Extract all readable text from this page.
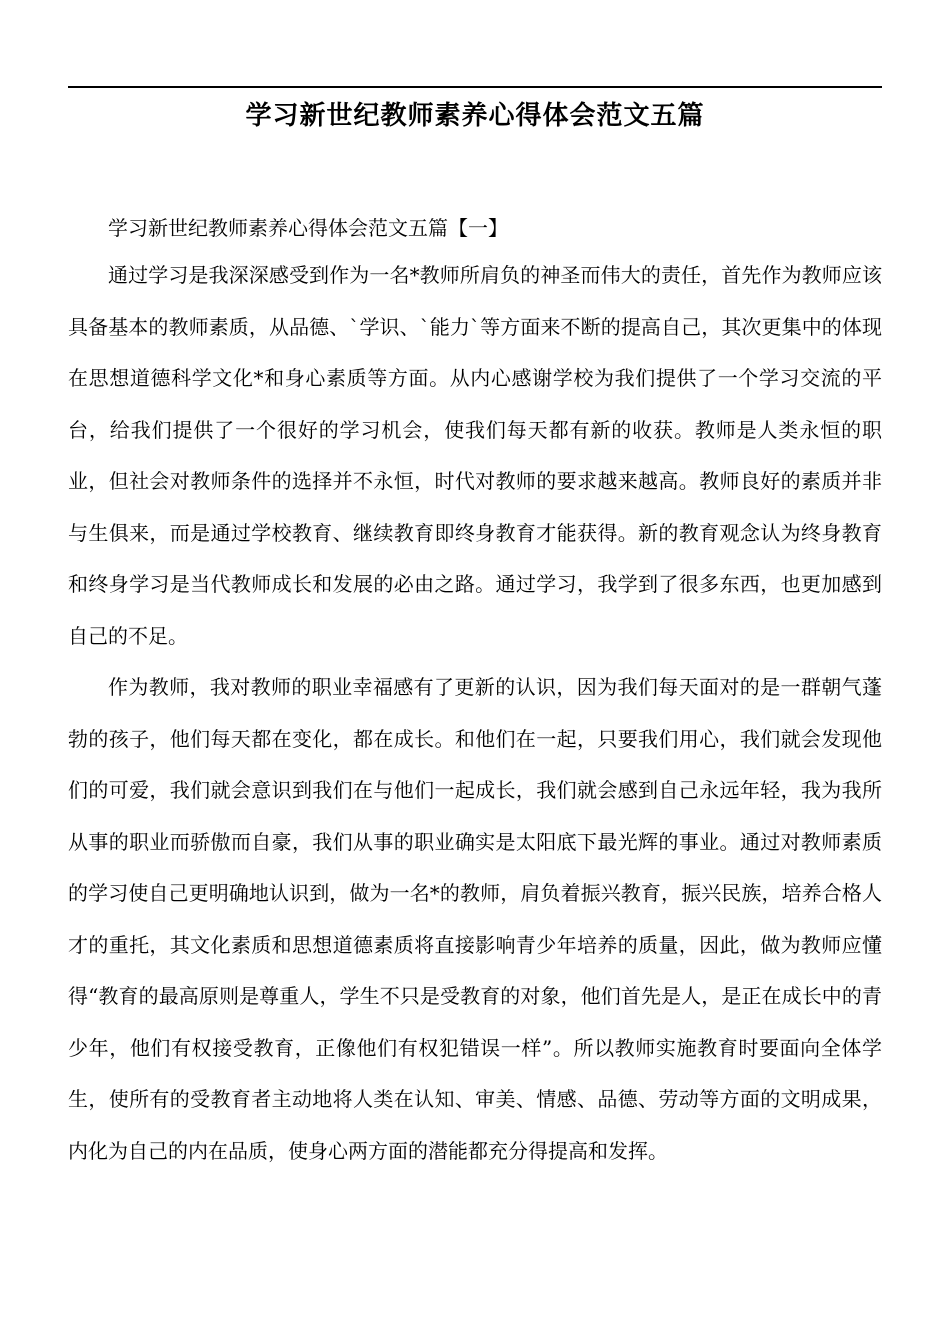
学习新世纪教师素养心得体会范文五篇
学习新世纪教师素养心得体会范文五篇【一】

通过学习是我深深感受到作为一名*教师所肩负的神圣而伟大的责任，首先作为教师应该具备基本的教师素质，从品德、`学识、`能力`等方面来不断的提高自己，其次更集中的体现在思想道德科学文化*和身心素质等方面。从内心感谢学校为我们提供了一个学习交流的平台，给我们提供了一个很好的学习机会，使我们每天都有新的收获。教师是人类永恒的职业，但社会对教师条件的选择并不永恒，时代对教师的要求越来越高。教师良好的素质并非与生俱来，而是通过学校教育、继续教育即终身教育才能获得。新的教育观念认为终身教育和终身学习是当代教师成长和发展的必由之路。通过学习，我学到了很多东西，也更加感到自己的不足。

作为教师，我对教师的职业幸福感有了更新的认识，因为我们每天面对的是一群朝气蓬勃的孩子，他们每天都在变化，都在成长。和他们在一起，只要我们用心，我们就会发现他们的可爱，我们就会意识到我们在与他们一起成长，我们就会感到自己永远年轻，我为我所从事的职业而骄傲而自豪，我们从事的职业确实是太阳底下最光辉的事业。通过对教师素质的学习使自己更明确地认识到，做为一名*的教师，肩负着振兴教育，振兴民族，培养合格人才的重托，其文化素质和思想道德素质将直接影响青少年培养的质量，因此，做为教师应懂得“教育的最高原则是尊重人，学生不只是受教育的对象，他们首先是人，是正在成长中的青少年，他们有权接受教育，正像他们有权犯错误一样”。所以教师实施教育时要面向全体学生，使所有的受教育者主动地将人类在认知、审美、情感、品德、劳动等方面的文明成果，内化为自己的内在品质，使身心两方面的潜能都充分得提高和发挥。
